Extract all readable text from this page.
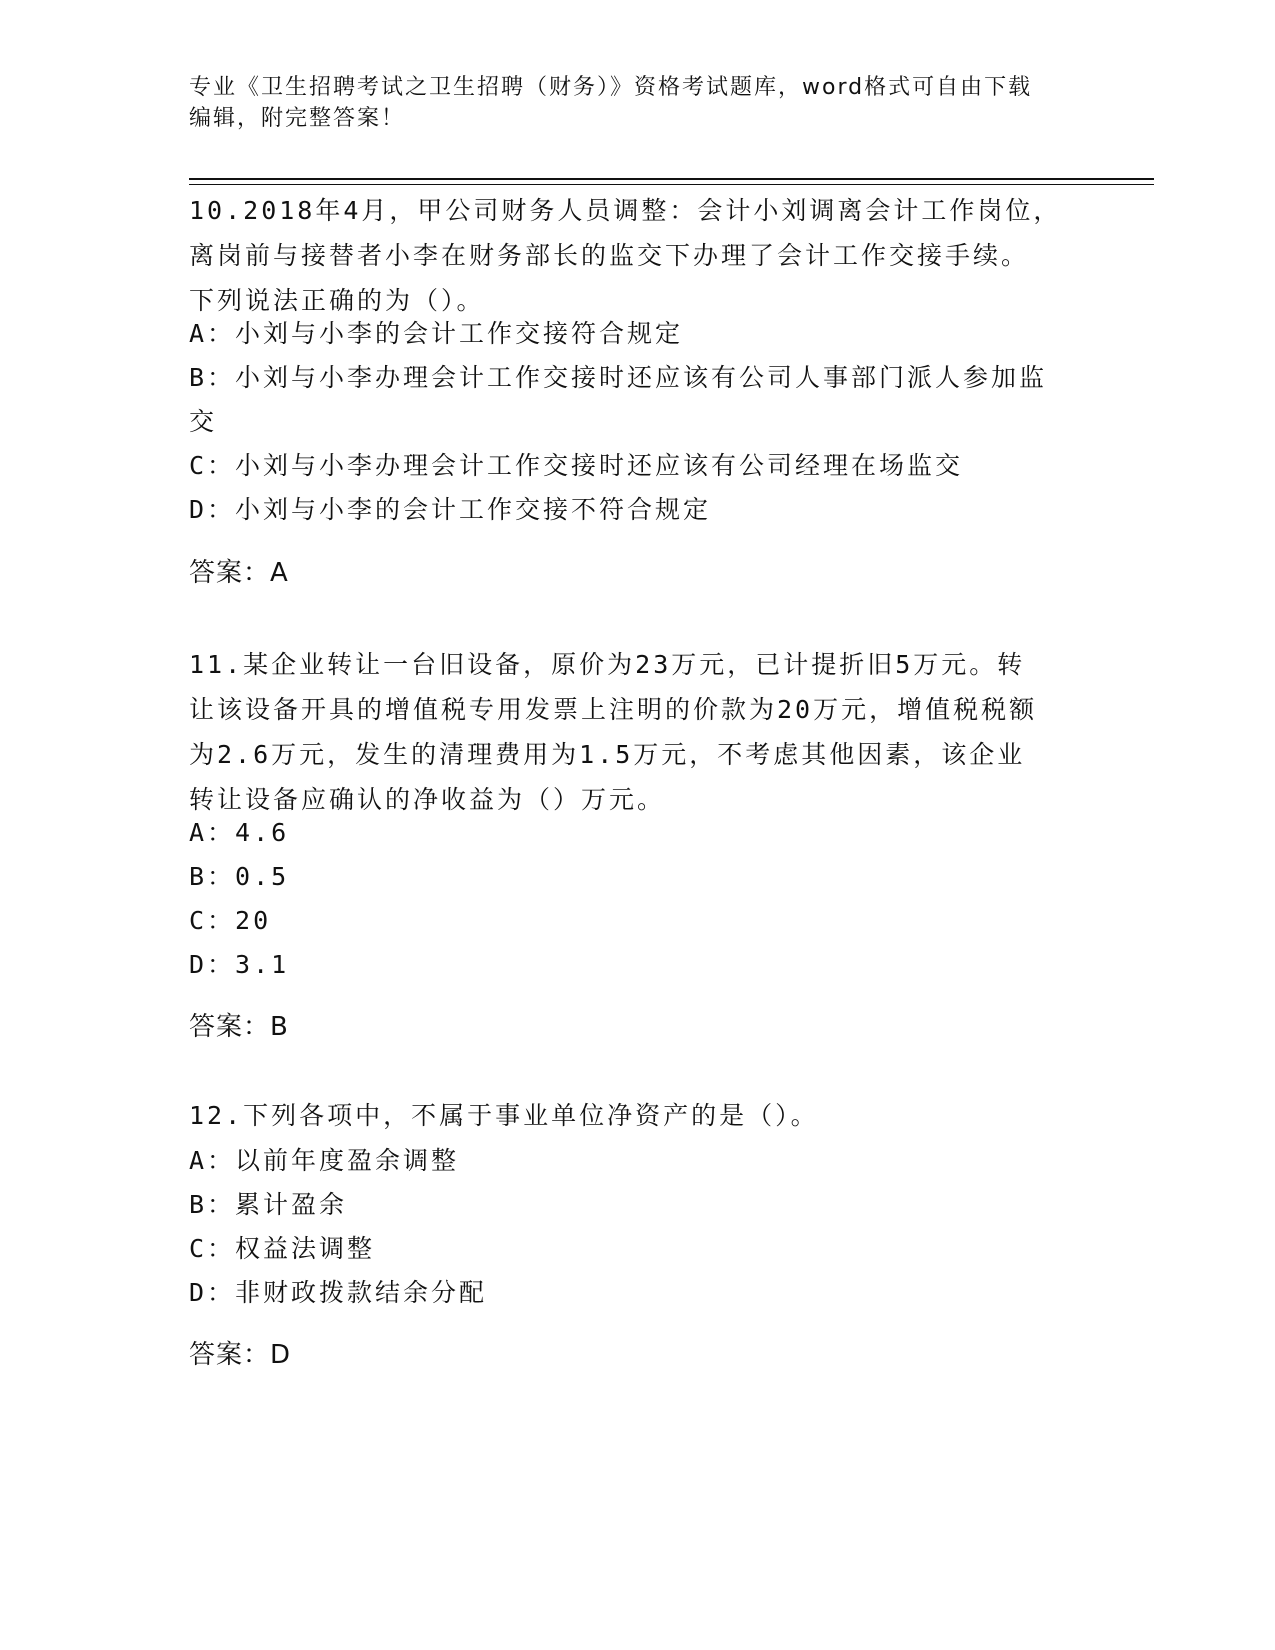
专业《卫生招聘考试之卫生招聘（财务）》资格考试题库，word格式可自由下载
编辑，附完整答案！
10.2018年4月，甲公司财务人员调整：会计小刘调离会计工作岗位，
离岗前与接替者小李在财务部长的监交下办理了会计工作交接手续。
下列说法正确的为（）。
A：小刘与小李的会计工作交接符合规定
B：小刘与小李办理会计工作交接时还应该有公司人事部门派人参加监
交
C：小刘与小李办理会计工作交接时还应该有公司经理在场监交
D：小刘与小李的会计工作交接不符合规定
答案：A
11.某企业转让一台旧设备，原价为23万元，已计提折旧5万元。转
让该设备开具的增值税专用发票上注明的价款为20万元，增值税税额
为2.6万元，发生的清理费用为1.5万元，不考虑其他因素，该企业
转让设备应确认的净收益为（）万元。
A：4.6
B：0.5
C：20
D：3.1
答案：B
12.下列各项中，不属于事业单位净资产的是（）。
A：以前年度盈余调整
B：累计盈余
C：权益法调整
D：非财政拨款结余分配
答案：D
